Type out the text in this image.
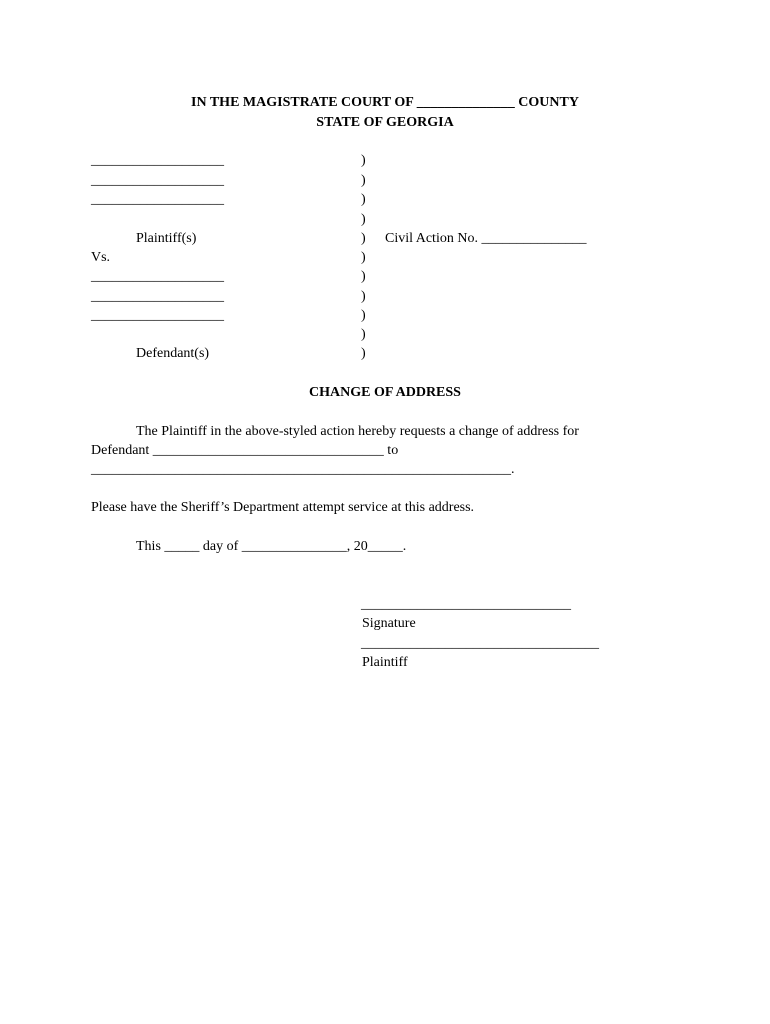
IN THE MAGISTRATE COURT OF ______________ COUNTY
STATE OF GEORGIA
___________________
___________________
___________________
Plaintiff(s)
Vs.
___________________
___________________
___________________
Defendant(s)
)
)
)
)
)
)
)
)
)
)
)
Civil Action No. _______________
CHANGE OF ADDRESS
The Plaintiff in the above-styled action hereby requests a change of address for
Defendant _________________________________ to
____________________________________________________________.
Please have the Sheriff’s Department attempt service at this address.
This _____ day of _______________, 20_____.
______________________________
Signature
__________________________________
Plaintiff
